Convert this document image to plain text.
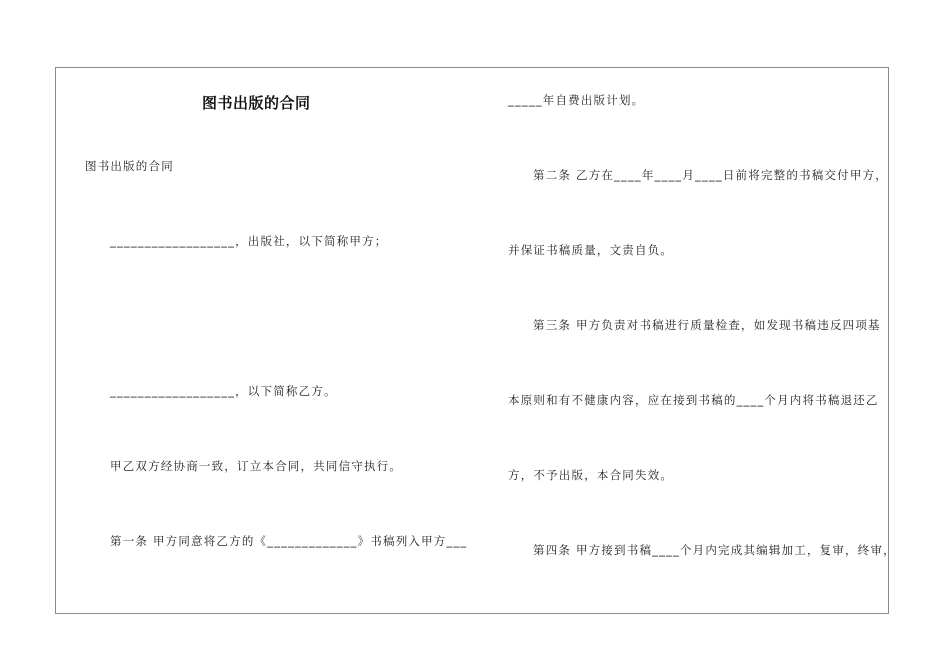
图书出版的合同
图书出版的合同
__________________，出版社，以下简称甲方；
__________________，以下简称乙方。
甲乙双方经协商一致，订立本合同，共同信守执行。
第一条 甲方同意将乙方的《_____________》书稿列入甲方___
_____年自费出版计划。
第二条 乙方在____年____月____日前将完整的书稿交付甲方，
并保证书稿质量，文责自负。
第三条 甲方负责对书稿进行质量检查，如发现书稿违反四项基
本原则和有不健康内容，应在接到书稿的____个月内将书稿退还乙
方，不予出版，本合同失效。
第四条 甲方接到书稿____个月内完成其编辑加工，复审，终审，
